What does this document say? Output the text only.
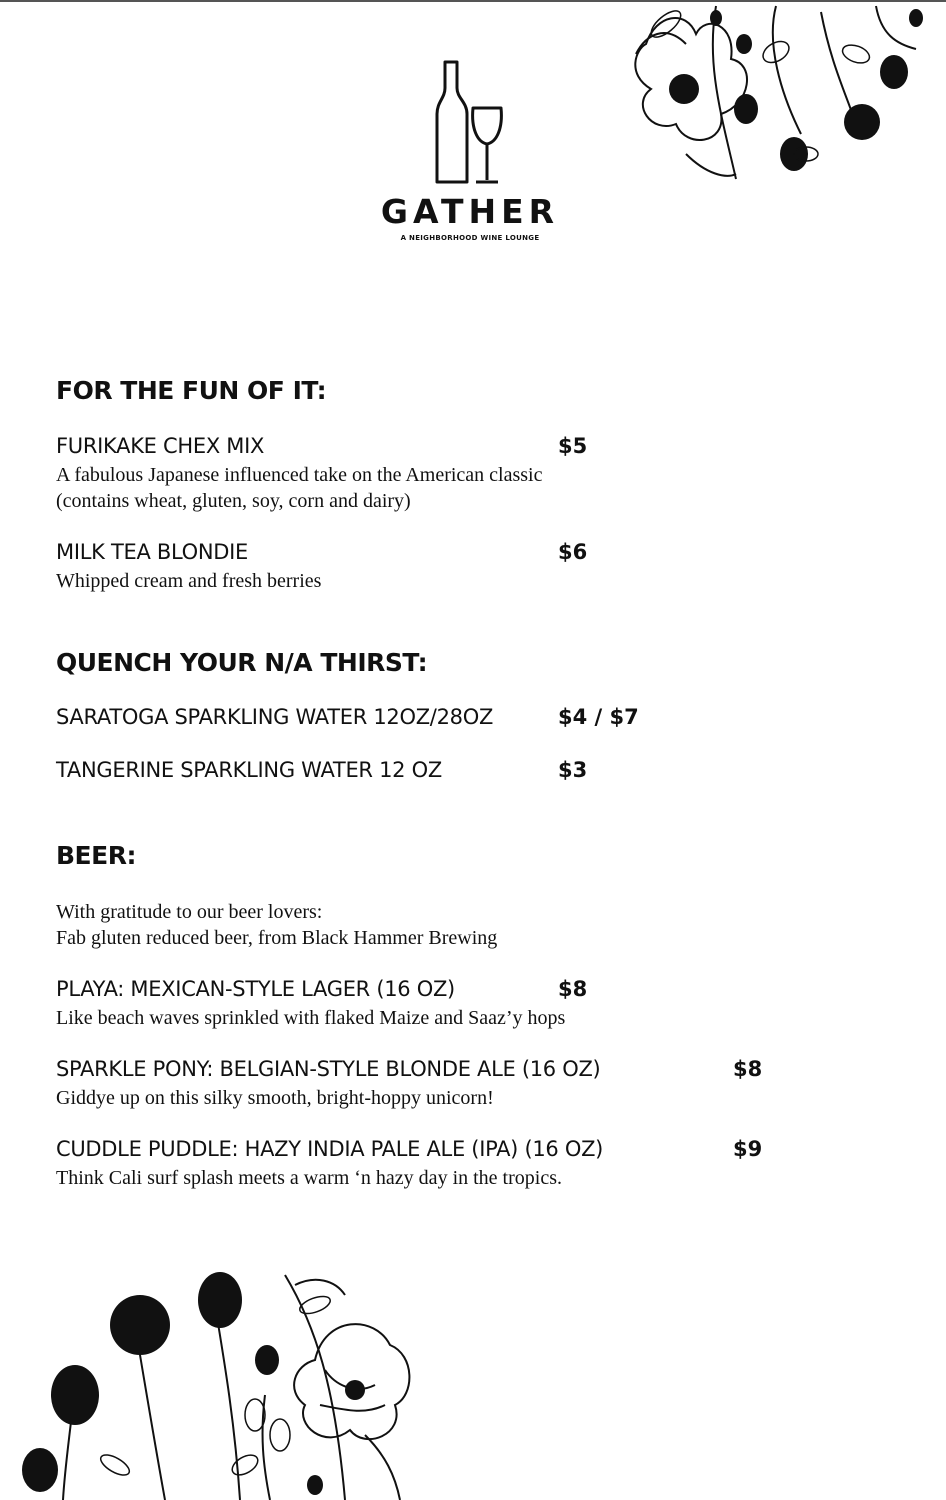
GATHER
A NEIGHBORHOOD WINE LOUNGE
FOR THE FUN OF IT:
FURIKAKE CHEX MIX	$5
A fabulous Japanese influenced take on the American classic
(contains wheat, gluten, soy, corn and dairy)
MILK TEA BLONDIE	$6
Whipped cream and fresh berries
QUENCH YOUR N/A THIRST:
SARATOGA SPARKLING WATER 12OZ/28OZ	$4 / $7
TANGERINE SPARKLING WATER 12 OZ	$3
BEER:
With gratitude to our beer lovers:
Fab gluten reduced beer, from Black Hammer Brewing
PLAYA: MEXICAN-STYLE LAGER (16 OZ)	$8
Like beach waves sprinkled with flaked Maize and Saaz’y hops
SPARKLE PONY: BELGIAN-STYLE BLONDE ALE (16 OZ)	$8
Giddye up on this silky smooth, bright-hoppy unicorn!
CUDDLE PUDDLE: HAZY INDIA PALE ALE (IPA) (16 OZ)	$9
Think Cali surf splash meets a warm ‘n hazy day in the tropics.
